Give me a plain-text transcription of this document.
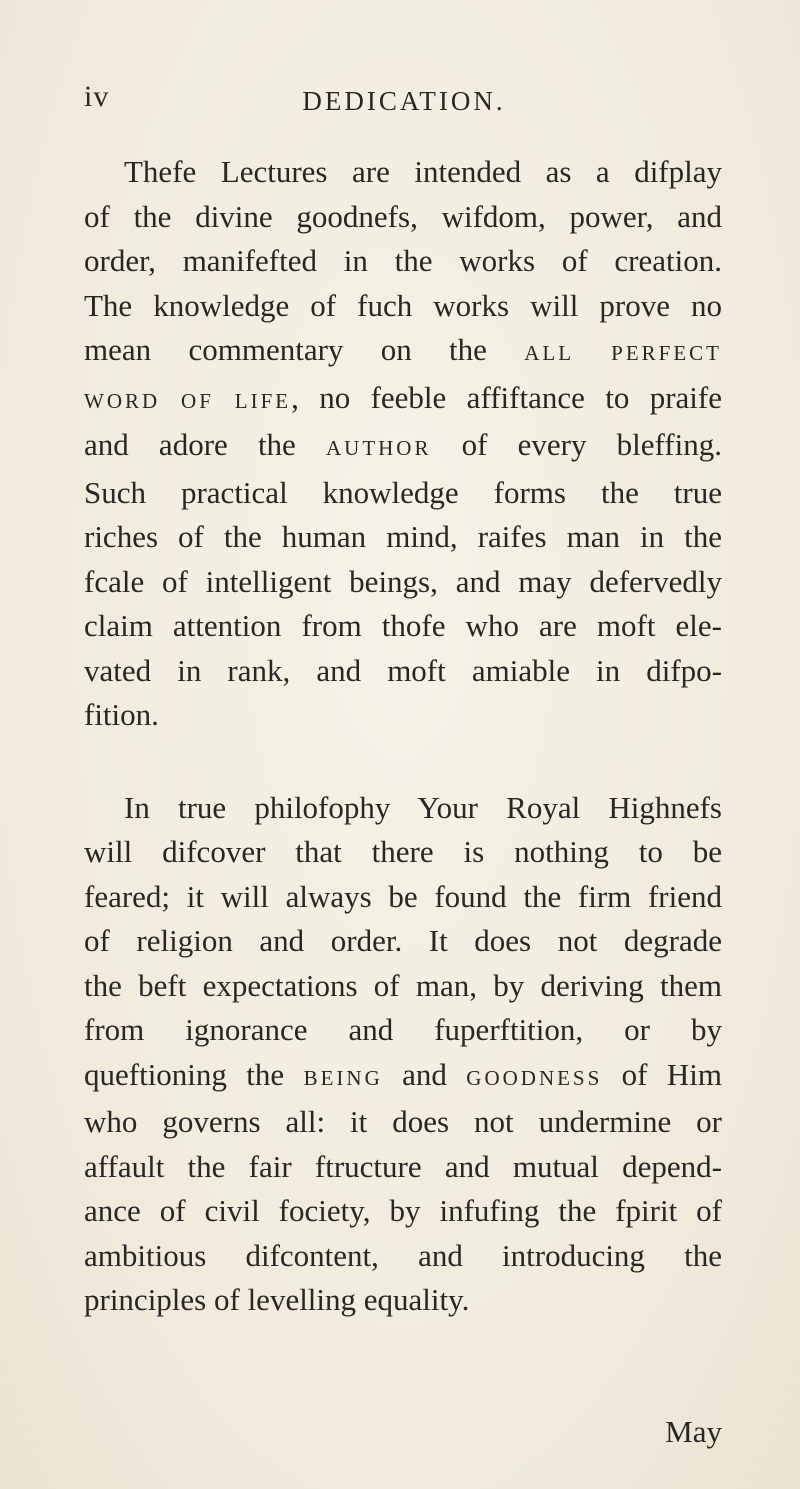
iv	DEDICATION.
Thefe Lectures are intended as a difplay
of the divine goodnefs, wifdom, power, and
order, manifefted in the works of creation.
The knowledge of fuch works will prove no
mean commentary on the ALL PERFECT
WORD OF LIFE, no feeble affiftance to praife
and adore the AUTHOR of every bleffing.
Such practical knowledge forms the true
riches of the human mind, raifes man in the
fcale of intelligent beings, and may defervedly
claim attention from thofe who are moft ele-
vated in rank, and moft amiable in difpo-
fition.
In true philofophy Your Royal Highnefs
will difcover that there is nothing to be
feared; it will always be found the firm friend
of religion and order. It does not degrade
the beft expectations of man, by deriving them
from ignorance and fuperftition, or by
queftioning the BEING and GOODNESS of Him
who governs all: it does not undermine or
affault the fair ftructure and mutual depend-
ance of civil fociety, by infufing the fpirit of
ambitious difcontent, and introducing the
principles of levelling equality.
May
